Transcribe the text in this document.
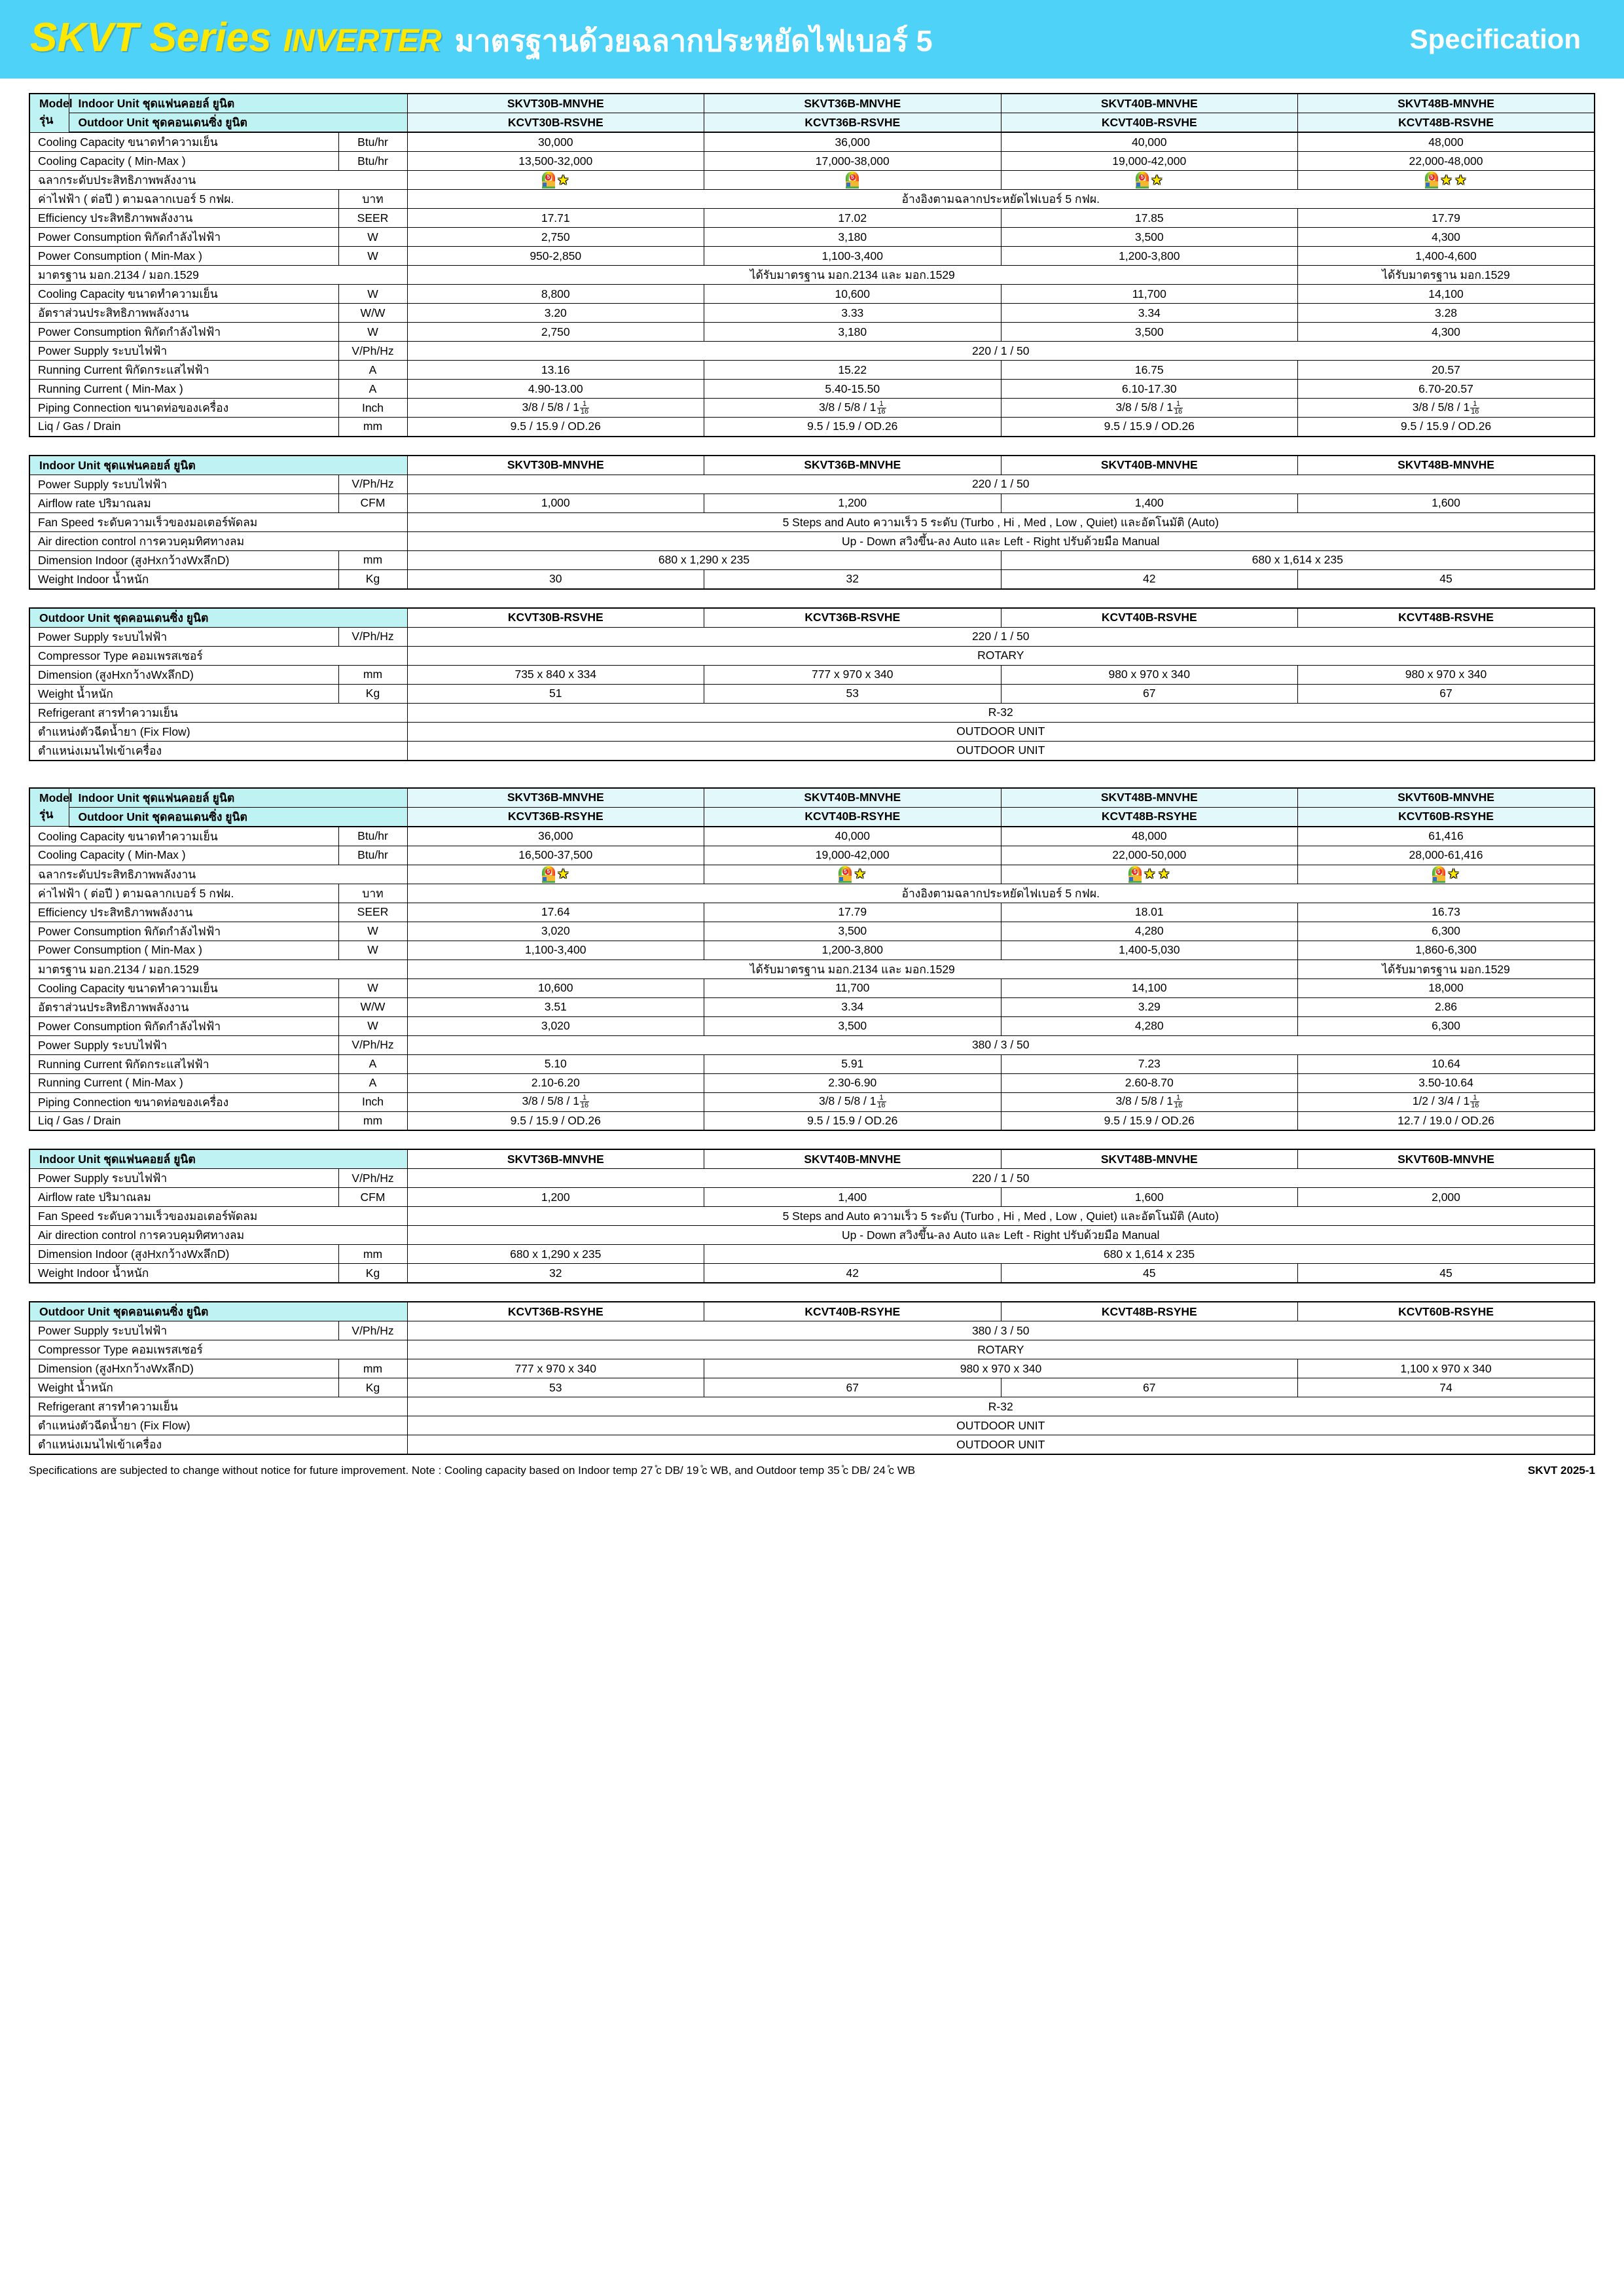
SKVT Series INVERTER มาตรฐานด้วยฉลากประหยัดไฟเบอร์ 5	Specification
Model รุ่น	Indoor Unit ชุดแฟนคอยล์ ยูนิต		SKVT30B-MNVHE	SKVT36B-MNVHE	SKVT40B-MNVHE	SKVT48B-MNVHE
	Outdoor Unit ชุดคอนเดนซิ่ง ยูนิต		KCVT30B-RSVHE	KCVT36B-RSVHE	KCVT40B-RSVHE	KCVT48B-RSVHE
Cooling Capacity ขนาดทำความเย็น		Btu/hr	30,000	36,000	40,000	48,000
Cooling Capacity ( Min-Max )		Btu/hr	13,500-32,000	17,000-38,000	19,000-42,000	22,000-48,000
ฉลากระดับประสิทธิภาพพลังงาน			5 ★	5	5 ★	5 ★ ★

ค่าไฟฟ้า ( ต่อปี ) ตามฉลากเบอร์ 5 กฟผ.		บาท	อ้างอิงตามฉลากประหยัดไฟเบอร์ 5 กฟผ.			
Efficiency ประสิทธิภาพพลังงาน		SEER	17.71	17.02	17.85	17.79
Power Consumption พิกัดกำลังไฟฟ้า		W	2,750	3,180	3,500	4,300
Power Consumption ( Min-Max )		W	950-2,850	1,100-3,400	1,200-3,800	1,400-4,600
มาตรฐาน มอก.2134 / มอก.1529			ได้รับมาตรฐาน มอก.2134 และ มอก.1529			ได้รับมาตรฐาน มอก.1529
Cooling Capacity ขนาดทำความเย็น		W	8,800	10,600	11,700	14,100
อัตราส่วนประสิทธิภาพพลังงาน		W/W	3.20	3.33	3.34	3.28
Power Consumption พิกัดกำลังไฟฟ้า		W	2,750	3,180	3,500	4,300
Power Supply ระบบไฟฟ้า		V/Ph/Hz	220 / 1 / 50			
Running Current พิกัดกระแสไฟฟ้า		A	13.16	15.22	16.75	20.57
Running Current ( Min-Max )		A	4.90-13.00	5.40-15.50	6.10-17.30	6.70-20.57
Piping Connection ขนาดท่อของเครื่อง		Inch	$3/8 / 5/8 / 1 \frac{1}{16}$	$3/8 / 5/8 / 1 \frac{1}{16}$	$3/8 / 5/8 / 1 \frac{1}{16}$	$3/8 / 5/8 / 1 \frac{1}{16}$

Liq / Gas / Drain		mm	9.5 / 15.9 / OD.26	9.5 / 15.9 / OD.26	9.5 / 15.9 / OD.26	9.5 / 15.9 / OD.26

Indoor Unit ชุดแฟนคอยล์ ยูนิต			SKVT30B-MNVHE	SKVT36B-MNVHE	SKVT40B-MNVHE	SKVT48B-MNVHE
Power Supply ระบบไฟฟ้า		V/Ph/Hz	220 / 1 / 50			
Airflow rate ปริมาณลม		CFM	1,000	1,200	1,400	1,600
Fan Speed ระดับความเร็วของมอเตอร์พัดลม			5 Steps and Auto ความเร็ว 5 ระดับ (Turbo , Hi , Med , Low , Quiet) และอัตโนมัติ (Auto)			
Air direction control การควบคุมทิศทางลม			Up - Down สวิงขึ้น-ลง Auto และ Left - Right ปรับด้วยมือ Manual			
Dimension Indoor (สูงHxกว้างWxลึกD)		mm	680 x 1,290 x 235		680 x 1,614 x 235	
Weight Indoor น้ำหนัก		Kg	30	32	42	45

Outdoor Unit ชุดคอนเดนซิ่ง ยูนิต			KCVT30B-RSVHE	KCVT36B-RSVHE	KCVT40B-RSVHE	KCVT48B-RSVHE
Power Supply ระบบไฟฟ้า		V/Ph/Hz	220 / 1 / 50			
Compressor Type คอมเพรสเซอร์			ROTARY			
Dimension (สูงHxกว้างWxลึกD)		mm	735 x 840 x 334	777 x 970 x 340	980 x 970 x 340	980 x 970 x 340
Weight น้ำหนัก		Kg	51	53	67	67
Refrigerant สารทำความเย็น			R-32			
ตำแหน่งตัวฉีดน้ำยา (Fix Flow)			OUTDOOR UNIT			
ตำแหน่งเมนไฟเข้าเครื่อง			OUTDOOR UNIT			
Model รุ่น	Indoor Unit ชุดแฟนคอยล์ ยูนิต		SKVT36B-MNVHE	SKVT40B-MNVHE	SKVT48B-MNVHE	SKVT60B-MNVHE
	Outdoor Unit ชุดคอนเดนซิ่ง ยูนิต		KCVT36B-RSYHE	KCVT40B-RSYHE	KCVT48B-RSYHE	KCVT60B-RSYHE
Cooling Capacity ขนาดทำความเย็น		Btu/hr	36,000	40,000	48,000	61,416
Cooling Capacity ( Min-Max )		Btu/hr	16,500-37,500	19,000-42,000	22,000-50,000	28,000-61,416
ฉลากระดับประสิทธิภาพพลังงาน			5 ★	5 ★	5 ★ ★	5 ★

ค่าไฟฟ้า ( ต่อปี ) ตามฉลากเบอร์ 5 กฟผ.		บาท	อ้างอิงตามฉลากประหยัดไฟเบอร์ 5 กฟผ.			
Efficiency ประสิทธิภาพพลังงาน		SEER	17.64	17.79	18.01	16.73
Power Consumption พิกัดกำลังไฟฟ้า		W	3,020	3,500	4,280	6,300
Power Consumption ( Min-Max )		W	1,100-3,400	1,200-3,800	1,400-5,030	1,860-6,300
มาตรฐาน มอก.2134 / มอก.1529			ได้รับมาตรฐาน มอก.2134 และ มอก.1529			ได้รับมาตรฐาน มอก.1529
Cooling Capacity ขนาดทำความเย็น		W	10,600	11,700	14,100	18,000
อัตราส่วนประสิทธิภาพพลังงาน		W/W	3.51	3.34	3.29	2.86
Power Consumption พิกัดกำลังไฟฟ้า		W	3,020	3,500	4,280	6,300
Power Supply ระบบไฟฟ้า		V/Ph/Hz	380 / 3 / 50			
Running Current พิกัดกระแสไฟฟ้า		A	5.10	5.91	7.23	10.64
Running Current ( Min-Max )		A	2.10-6.20	2.30-6.90	2.60-8.70	3.50-10.64
Piping Connection ขนาดท่อของเครื่อง		Inch	$3/8 / 5/8 / 1 \frac{1}{16}$	$3/8 / 5/8 / 1 \frac{1}{16}$	$3/8 / 5/8 / 1 \frac{1}{16}$	$1/2 / 3/4 / 1 \frac{1}{16}$

Liq / Gas / Drain		mm	9.5 / 15.9 / OD.26	9.5 / 15.9 / OD.26	9.5 / 15.9 / OD.26	12.7 / 19.0 / OD.26

Indoor Unit ชุดแฟนคอยล์ ยูนิต			SKVT36B-MNVHE	SKVT40B-MNVHE	SKVT48B-MNVHE	SKVT60B-MNVHE
Power Supply ระบบไฟฟ้า		V/Ph/Hz	220 / 1 / 50			
Airflow rate ปริมาณลม		CFM	1,200	1,400	1,600	2,000
Fan Speed ระดับความเร็วของมอเตอร์พัดลม			5 Steps and Auto ความเร็ว 5 ระดับ (Turbo , Hi , Med , Low , Quiet) และอัตโนมัติ (Auto)			
Air direction control การควบคุมทิศทางลม			Up - Down สวิงขึ้น-ลง Auto และ Left - Right ปรับด้วยมือ Manual			
Dimension Indoor (สูงHxกว้างWxลึกD)		mm	680 x 1,290 x 235	680 x 1,614 x 235		
Weight Indoor น้ำหนัก		Kg	32	42	45	45

Outdoor Unit ชุดคอนเดนซิ่ง ยูนิต			KCVT36B-RSYHE	KCVT40B-RSYHE	KCVT48B-RSYHE	KCVT60B-RSYHE
Power Supply ระบบไฟฟ้า		V/Ph/Hz	380 / 3 / 50			
Compressor Type คอมเพรสเซอร์			ROTARY			
Dimension (สูงHxกว้างWxลึกD)		mm	777 x 970 x 340	980 x 970 x 340		1,100 x 970 x 340
Weight น้ำหนัก		Kg	53	67	67	74
Refrigerant สารทำความเย็น			R-32			
ตำแหน่งตัวฉีดน้ำยา (Fix Flow)			OUTDOOR UNIT			
ตำแหน่งเมนไฟเข้าเครื่อง			OUTDOOR UNIT			
Specifications are subjected to change without notice for future improvement. Note : Cooling capacity based on Indoor temp 27 ̊c DB/ 19 ̊c WB, and Outdoor temp 35 ̊c DB/ 24 ̊c WB	SKVT 2025-1
